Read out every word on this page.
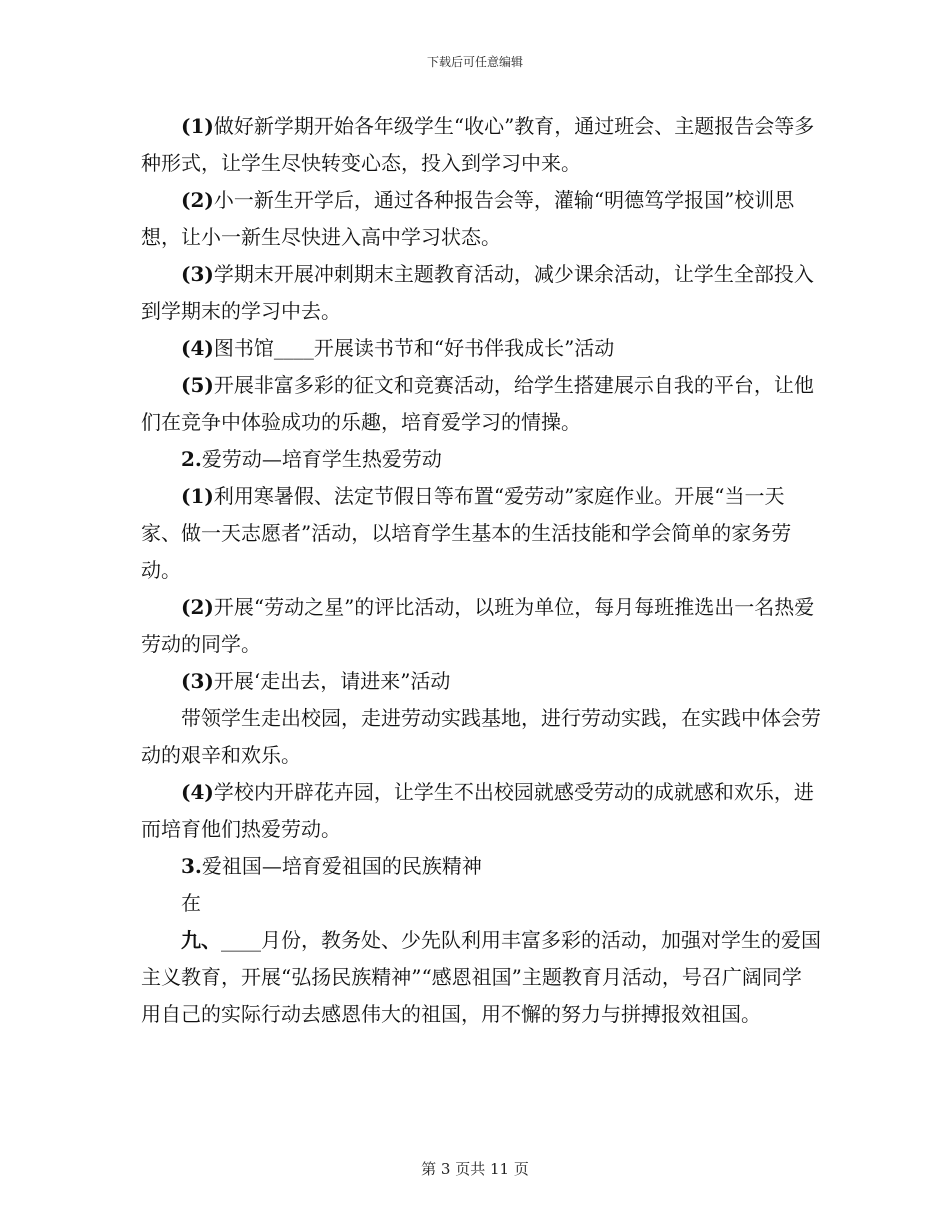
下载后可任意编辑

(1)做好新学期开始各年级学生“收心”教育，通过班会、主题报告会等多种形式，让学生尽快转变心态，投入到学习中来。

(2)小一新生开学后，通过各种报告会等，灌输“明德笃学报国”校训思想，让小一新生尽快进入高中学习状态。

(3)学期末开展冲刺期末主题教育活动，减少课余活动，让学生全部投入到学期末的学习中去。

(4)图书馆____开展读书节和“好书伴我成长”活动

(5)开展非富多彩的征文和竞赛活动，给学生搭建展示自我的平台，让他们在竞争中体验成功的乐趣，培育爱学习的情操。

2.爱劳动—培育学生热爱劳动

(1)利用寒暑假、法定节假日等布置“爱劳动”家庭作业。开展“当一天家、做一天志愿者”活动，以培育学生基本的生活技能和学会简单的家务劳动。

(2)开展“劳动之星”的评比活动，以班为单位，每月每班推选出一名热爱劳动的同学。

(3)开展‘走出去，请进来”活动

带领学生走出校园，走进劳动实践基地，进行劳动实践，在实践中体会劳动的艰辛和欢乐。

(4)学校内开辟花卉园，让学生不出校园就感受劳动的成就感和欢乐，进而培育他们热爱劳动。

3.爱祖国—培育爱祖国的民族精神

在

九、____月份，教务处、少先队利用丰富多彩的活动，加强对学生的爱国主义教育，开展“弘扬民族精神”“感恩祖国”主题教育月活动，号召广阔同学用自己的实际行动去感恩伟大的祖国，用不懈的努力与拼搏报效祖国。

第 3 页共 11 页
